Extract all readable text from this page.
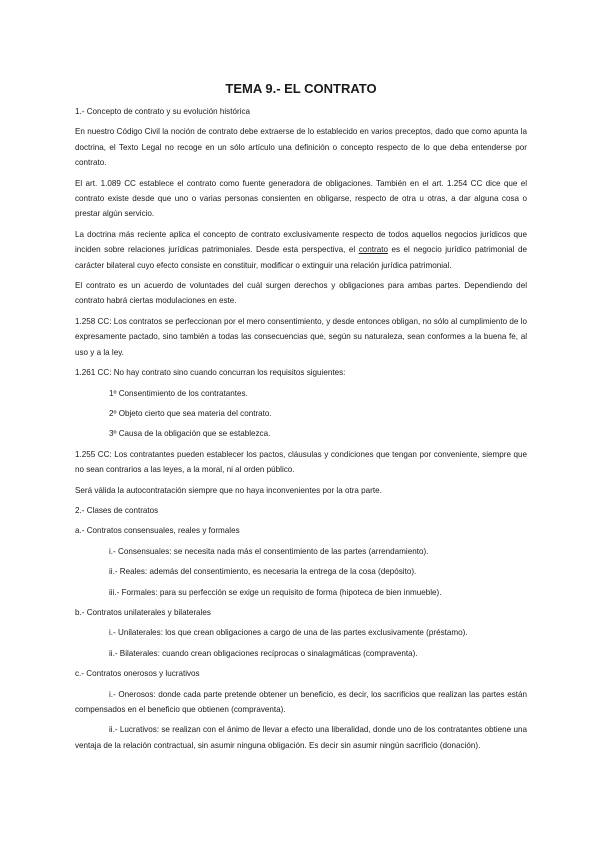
TEMA 9.- EL CONTRATO
1.- Concepto de contrato y su evolución histórica
En nuestro Código Civil la noción de contrato debe extraerse de lo establecido en varios preceptos, dado que como apunta la doctrina, el Texto Legal no recoge en un sólo artículo una definición o concepto respecto de lo que deba entenderse por contrato.
El art. 1.089 CC establece el contrato como fuente generadora de obligaciones. También en el art. 1.254 CC dice que el contrato existe desde que uno o varias personas consienten en obligarse, respecto de otra u otras, a dar alguna cosa o prestar algún servicio.
La doctrina más reciente aplica el concepto de contrato exclusivamente respecto de todos aquellos negocios jurídicos que inciden sobre relaciones jurídicas patrimoniales. Desde esta perspectiva, el contrato es el negocio jurídico patrimonial de carácter bilateral cuyo efecto consiste en constituir, modificar o extinguir una relación jurídica patrimonial.
El contrato es un acuerdo de voluntades del cuál surgen derechos y obligaciones para ambas partes. Dependiendo del contrato habrá ciertas modulaciones en este.
1.258 CC: Los contratos se perfeccionan por el mero consentimiento, y desde entonces obligan, no sólo al cumplimiento de lo expresamente pactado, sino también a todas las consecuencias que, según su naturaleza, sean conformes a la buena fe, al uso y a la ley.
1.261 CC: No hay contrato sino cuando concurran los requisitos siguientes:
1º Consentimiento de los contratantes.
2º Objeto cierto que sea materia del contrato.
3º Causa de la obligación que se establezca.
1.255 CC: Los contratantes pueden establecer los pactos, cláusulas y condiciones que tengan por conveniente, siempre que no sean contrarios a las leyes, a la moral, ni al orden público.
Será válida la autocontratación siempre que no haya inconvenientes por la otra parte.
2.- Clases de contratos
a.- Contratos consensuales, reales y formales
i.- Consensuales: se necesita nada más el consentimiento de las partes (arrendamiento).
ii.- Reales: además del consentimiento, es necesaria la entrega de la cosa (depósito).
iii.- Formales: para su perfección se exige un requisito de forma (hipoteca de bien inmueble).
b.- Contratos unilaterales y bilaterales
i.- Unilaterales: los que crean obligaciones a cargo de una de las partes exclusivamente (préstamo).
ii.- Bilaterales: cuando crean obligaciones recíprocas o sinalagmáticas (compraventa).
c.- Contratos onerosos y lucrativos
i.- Onerosos: donde cada parte pretende obtener un beneficio, es decir, los sacrificios que realizan las partes están compensados en el beneficio que obtienen (compraventa).
ii.- Lucrativos: se realizan con el ánimo de llevar a efecto una liberalidad, donde uno de los contratantes obtiene una ventaja de la relación contractual, sin asumir ninguna obligación. Es decir sin asumir ningún sacrificio (donación).
